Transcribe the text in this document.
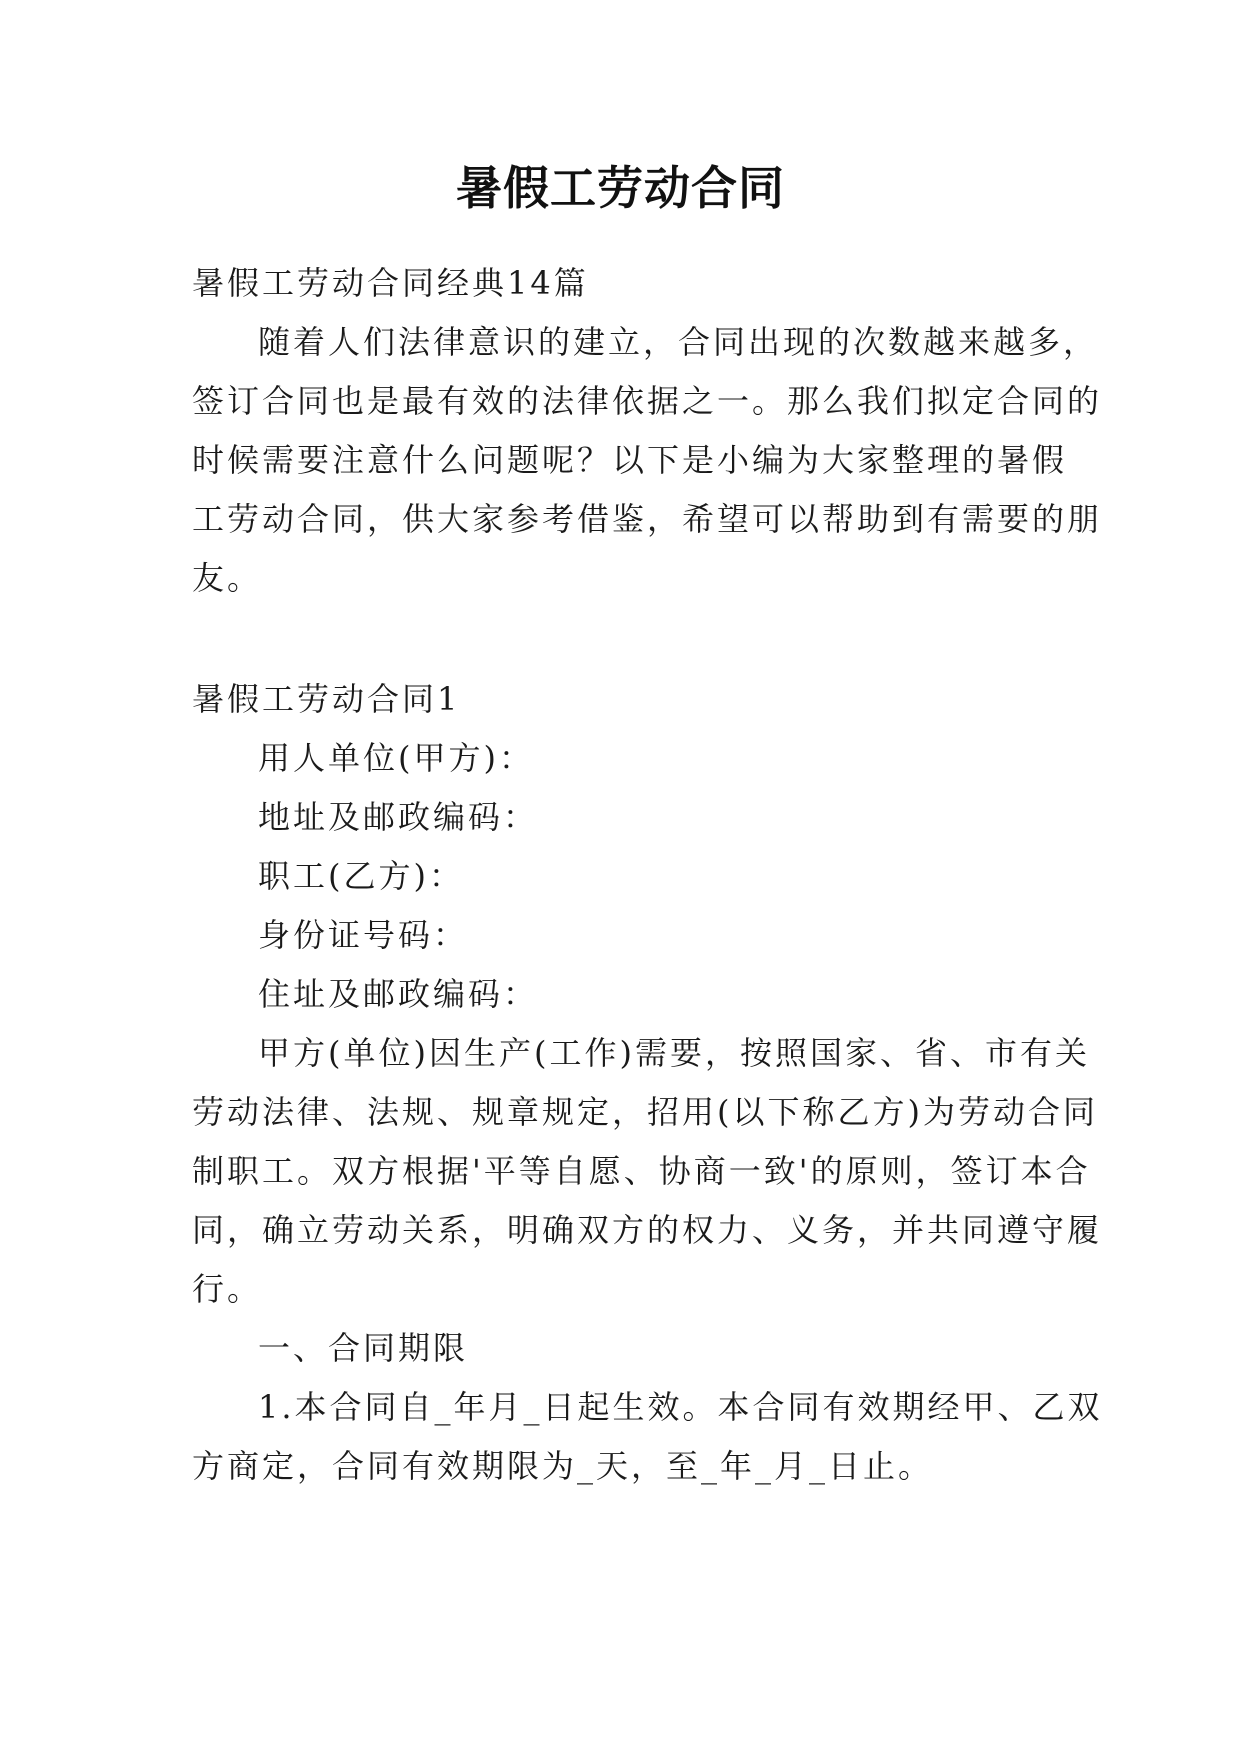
暑假工劳动合同
暑假工劳动合同经典14篇
随着人们法律意识的建立，合同出现的次数越来越多，
签订合同也是最有效的法律依据之一。那么我们拟定合同的
时候需要注意什么问题呢？以下是小编为大家整理的暑假
工劳动合同，供大家参考借鉴，希望可以帮助到有需要的朋
友。
暑假工劳动合同1
用人单位(甲方)：
地址及邮政编码：
职工(乙方)：
身份证号码：
住址及邮政编码：
甲方(单位)因生产(工作)需要，按照国家、省、市有关
劳动法律、法规、规章规定，招用(以下称乙方)为劳动合同
制职工。双方根据'平等自愿、协商一致'的原则，签订本合
同，确立劳动关系，明确双方的权力、义务，并共同遵守履
行。
一、合同期限
1.本合同自_年月_日起生效。本合同有效期经甲、乙双
方商定，合同有效期限为_天，至_年_月_日止。
